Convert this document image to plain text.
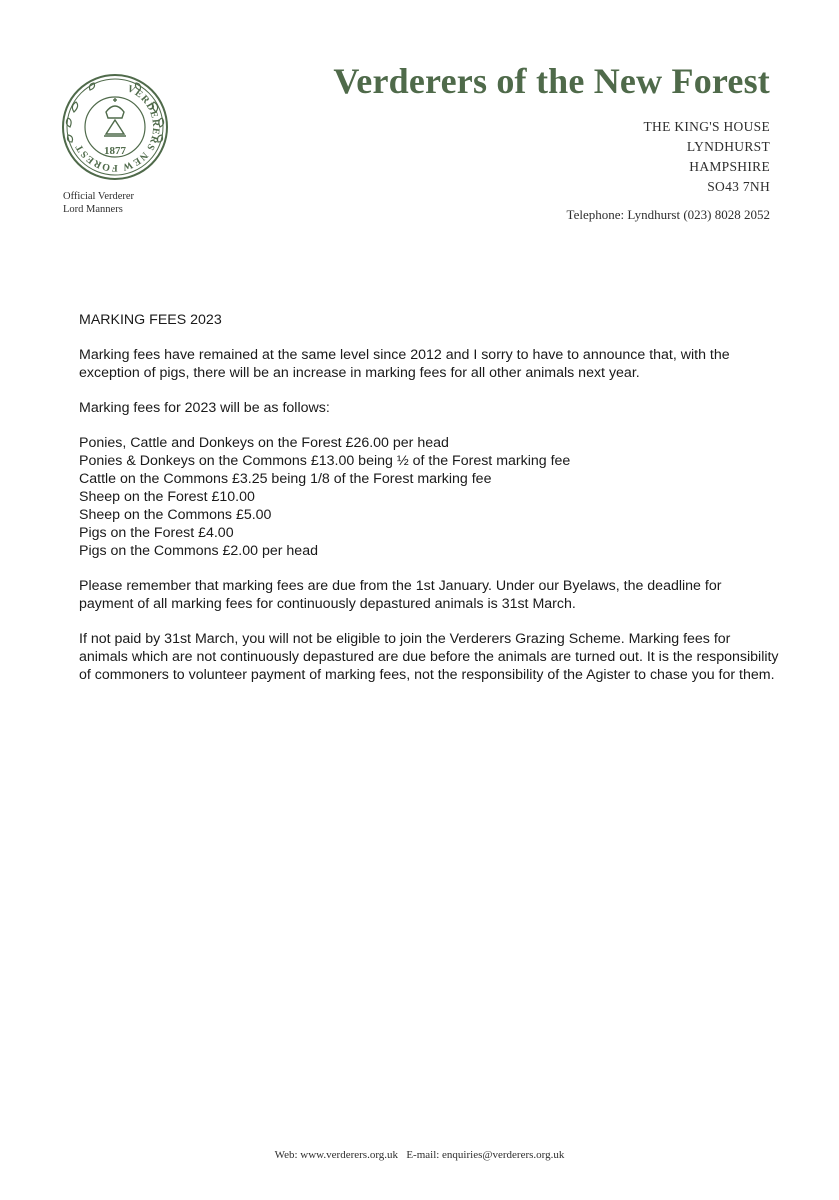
VERDERERS NEW FOREST	1877
Official Verderer
Lord Manners
Verderers of the New Forest
THE KING'S HOUSE
LYNDHURST
HAMPSHIRE
SO43 7NH
Telephone: Lyndhurst (023) 8028 2052

MARKING FEES 2023

Marking fees have remained at the same level since 2012 and I sorry to have to announce that, with the exception of pigs, there will be an increase in marking fees for all other animals next year.

Marking fees for 2023 will be as follows:

Ponies, Cattle and Donkeys on the Forest £26.00 per head
Ponies & Donkeys on the Commons £13.00 being ½ of the Forest marking fee
Cattle on the Commons £3.25 being 1/8 of the Forest marking fee
Sheep on the Forest £10.00
Sheep on the Commons £5.00
Pigs on the Forest £4.00
Pigs on the Commons £2.00 per head

Please remember that marking fees are due from the 1st January. Under our Byelaws, the deadline for payment of all marking fees for continuously depastured animals is 31st March.

If not paid by 31st March, you will not be eligible to join the Verderers Grazing Scheme. Marking fees for animals which are not continuously depastured are due before the animals are turned out. It is the responsibility of commoners to volunteer payment of marking fees, not the responsibility of the Agister to chase you for them.

Web: www.verderers.org.uk E-mail: enquiries@verderers.org.uk
